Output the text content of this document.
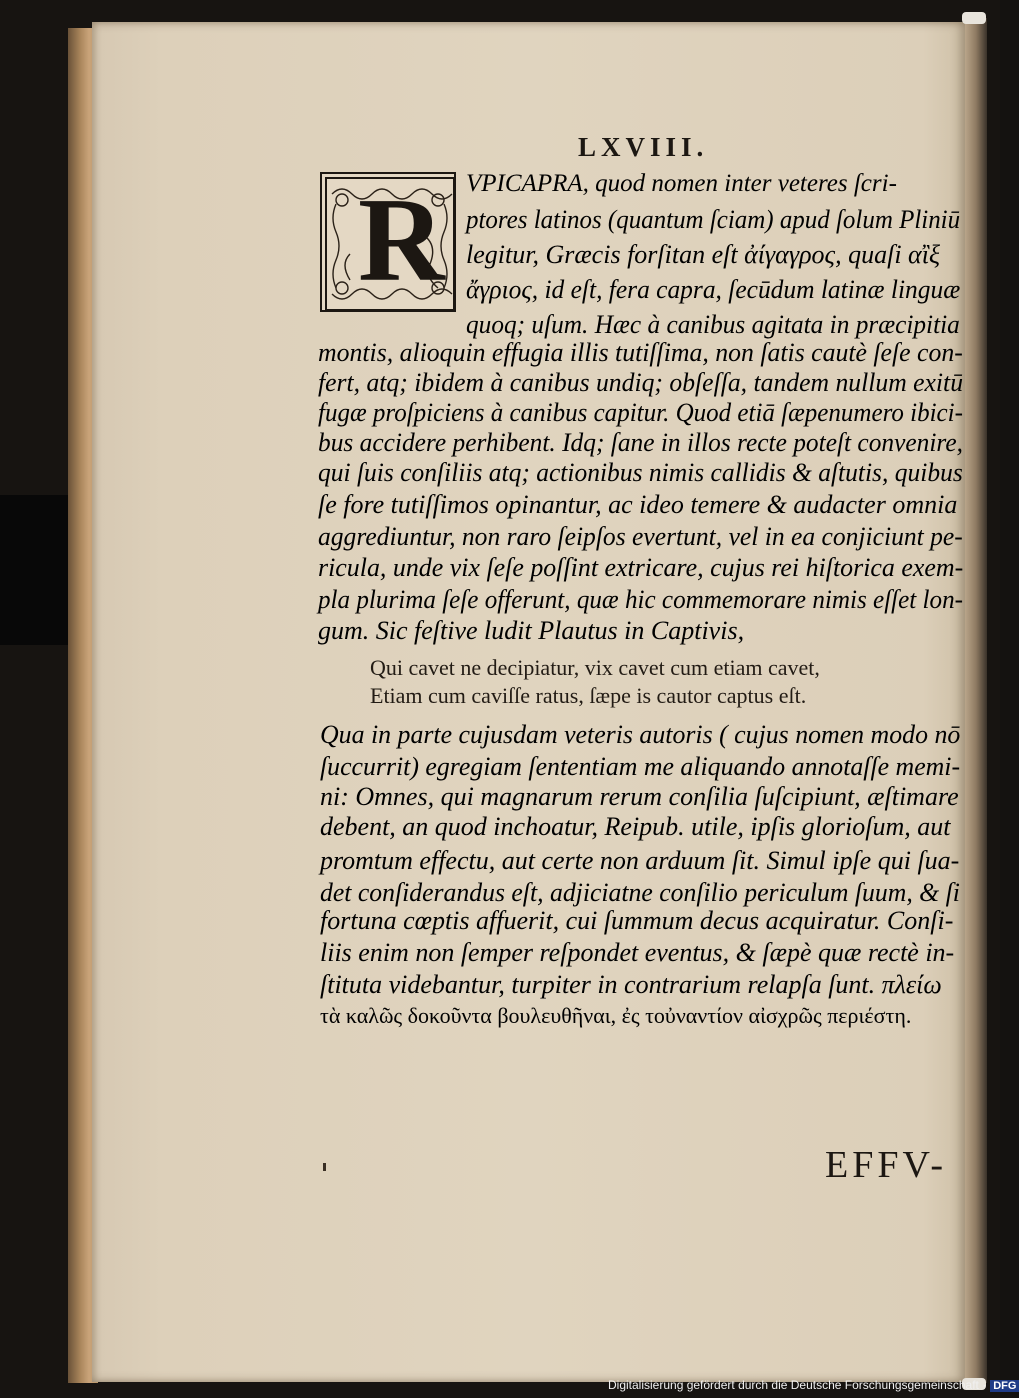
LXVIII.
R VPICAPRA, quod nomen inter veteres ſcri-
ptores latinos (quantum ſciam) apud ſolum Pliniū
legitur, Græcis forſitan eſt ἀίγαγρος, quaſi αἲξ
ἄγριος, id eſt, fera capra, ſecūdum latinæ linguæ
quoq; uſum. Hæc à canibus agitata in præcipitia
montis, alioquin effugia illis tutiſſima, non ſatis cautè ſeſe con-
fert, atq; ibidem à canibus undiq; obſeſſa, tandem nullum exitū
fugæ proſpiciens à canibus capitur. Quod etiā ſæpenumero ibici-
bus accidere perhibent. Idq; ſane in illos recte poteſt convenire,
qui ſuis conſiliis atq; actionibus nimis callidis & aſtutis, quibus
ſe fore tutiſſimos opinantur, ac ideo temere & audacter omnia
aggrediuntur, non raro ſeipſos evertunt, vel in ea conjiciunt pe-
ricula, unde vix ſeſe poſſint extricare, cujus rei hiſtorica exem-
pla plurima ſeſe offerunt, quæ hic commemorare nimis eſſet lon-
gum. Sic feſtive ludit Plautus in Captivis,
Qui cavet ne decipiatur, vix cavet cum etiam cavet,
Etiam cum caviſſe ratus, ſæpe is cautor captus eſt.
Qua in parte cujusdam veteris autoris ( cujus nomen modo nō
ſuccurrit) egregiam ſententiam me aliquando annotaſſe memi-
ni: Omnes, qui magnarum rerum conſilia ſuſcipiunt, æſtimare
debent, an quod inchoatur, Reipub. utile, ipſis glorioſum, aut
promtum effectu, aut certe non arduum ſit. Simul ipſe qui ſua-
det conſiderandus eſt, adjiciatne conſilio periculum ſuum, & ſi
fortuna cœptis affuerit, cui ſummum decus acquiratur. Conſi-
liis enim non ſemper reſpondet eventus, & ſæpè quæ rectè in-
ſtituta videbantur, turpiter in contrarium relapſa ſunt. πλείω
τὰ καλῶς δοκοῦντα βουλευθῆναι, ἐς τοὐναντίον αἰσχρῶς περιέστη.
EFFV-
Digitalisierung gefördert durch die Deutsche Forschungsgemeinschaft · DFG
